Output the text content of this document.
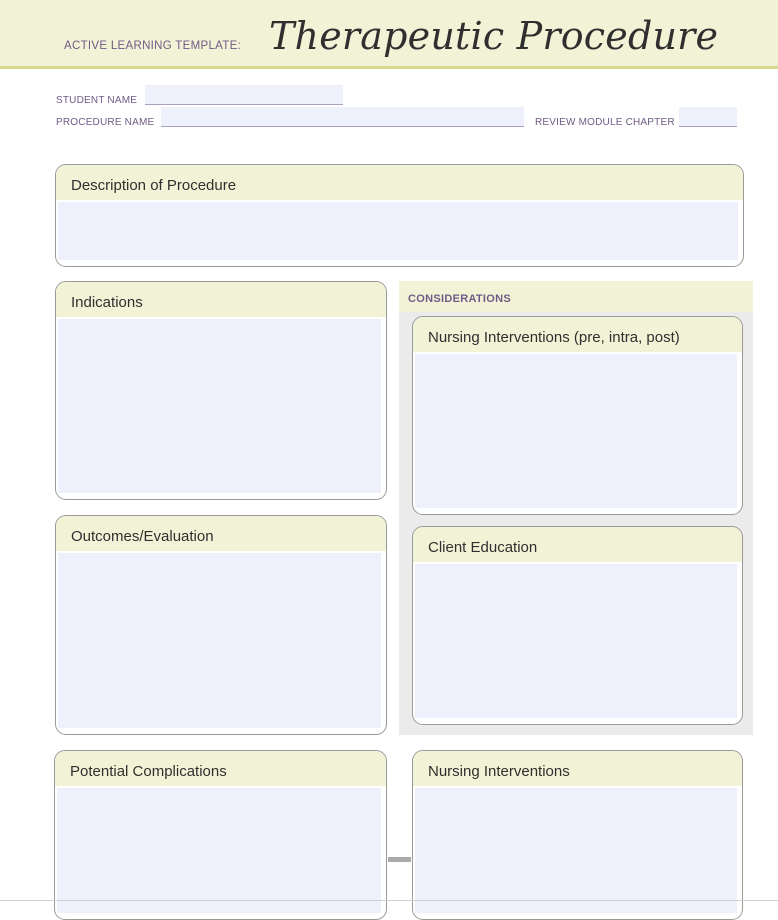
ACTIVE LEARNING TEMPLATE: Therapeutic Procedure
STUDENT NAME
PROCEDURE NAME	REVIEW MODULE CHAPTER
Description of Procedure
Indications
Outcomes/Evaluation
CONSIDERATIONS
Nursing Interventions (pre, intra, post)
Client Education
Potential Complications	Nursing Interventions
